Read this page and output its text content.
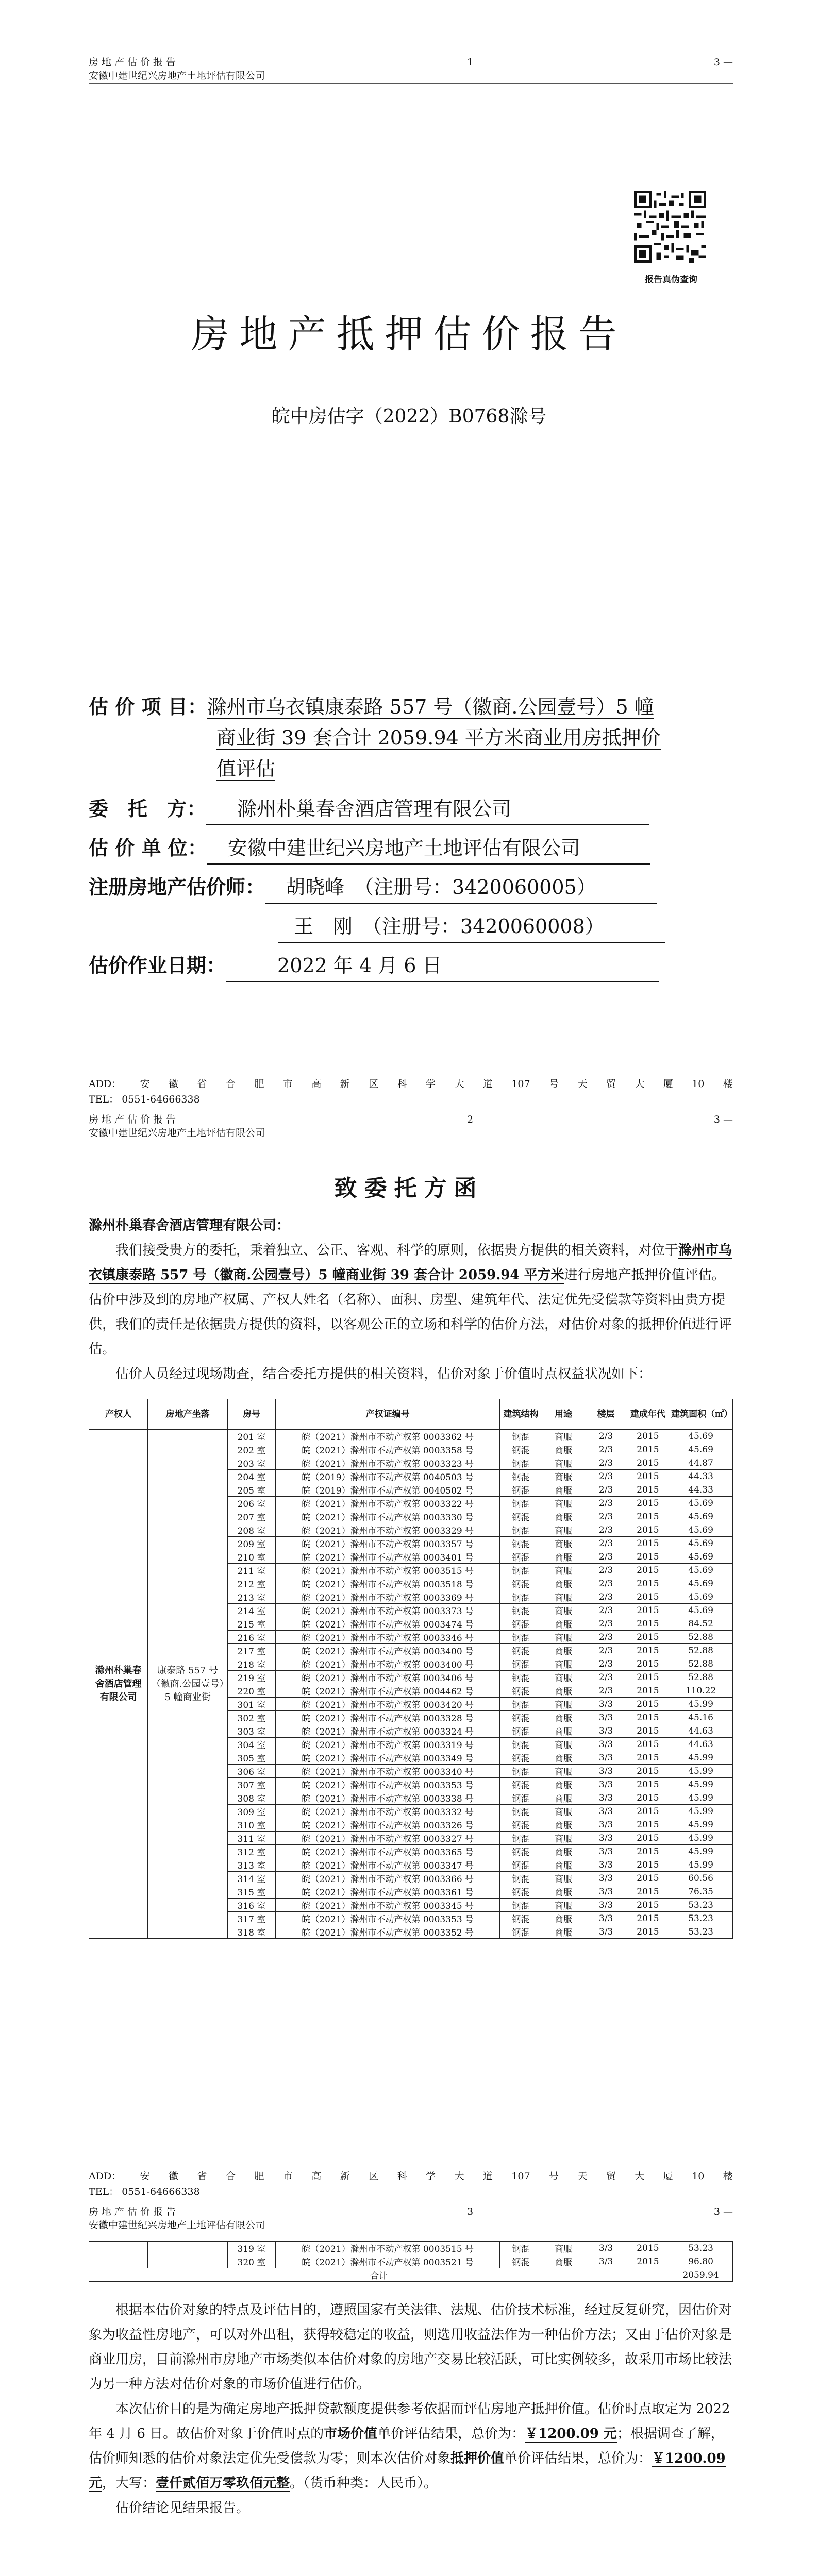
房地产估价报告
安徽中建世纪兴房地产土地评估有限公司
1	3 —
报告真伪查询
房地产抵押估价报告
皖中房估字（2022）B0768滁号
估 价 项 目：滁州市乌衣镇康泰路 557 号（徽商.公园壹号）5 幢
商业街 39 套合计 2059.94 平方米商业用房抵押价
值评估
委　托　方： 滁州朴巢春舍酒店管理有限公司
估 价 单 位： 安徽中建世纪兴房地产土地评估有限公司
注册房地产估价师： 胡晓峰　（注册号：3420060005）
王　刚　（注册号：3420060008）
估价作业日期：	2022 年 4 月 6 日
ADD： 安 徽 省 合 肥 市 高 新 区 科 学 大 道 107 号 天 贸 大 厦 10 楼
TEL： 0551-64666338
房地产估价报告
安徽中建世纪兴房地产土地评估有限公司
2	3 —
致委托方函
滁州朴巢春舍酒店管理有限公司：

我们接受贵方的委托，秉着独立、公正、客观、科学的原则，依据贵方提供的相关资料，对位于滁州市乌衣镇康泰路 557 号（徽商.公园壹号）5 幢商业街 39 套合计 2059.94 平方米进行房地产抵押价值评估。估价中涉及到的房地产权属、产权人姓名（名称）、面积、房型、建筑年代、法定优先受偿款等资料由贵方提供，我们的责任是依据贵方提供的资料，以客观公正的立场和科学的估价方法，对估价对象的抵押价值进行评估。

估价人员经过现场勘查，结合委托方提供的相关资料，估价对象于价值时点权益状况如下：

产权人	房地产坐落	房号	产权证编号	建筑结构	用途	楼层	建成年代	建筑面积（㎡）
滁州朴巢春舍酒店管理有限公司	康泰路 557 号（徽商.公园壹号）5 幢商业街	201 室	皖（2021）滁州市不动产权第 0003362 号	钢混	商服	2/3	2015	45.69
		202 室	皖（2021）滁州市不动产权第 0003358 号	钢混	商服	2/3	2015	45.69
		203 室	皖（2021）滁州市不动产权第 0003323 号	钢混	商服	2/3	2015	44.87
		204 室	皖（2019）滁州市不动产权第 0040503 号	钢混	商服	2/3	2015	44.33
		205 室	皖（2019）滁州市不动产权第 0040502 号	钢混	商服	2/3	2015	44.33
		206 室	皖（2021）滁州市不动产权第 0003322 号	钢混	商服	2/3	2015	45.69
		207 室	皖（2021）滁州市不动产权第 0003330 号	钢混	商服	2/3	2015	45.69
		208 室	皖（2021）滁州市不动产权第 0003329 号	钢混	商服	2/3	2015	45.69
		209 室	皖（2021）滁州市不动产权第 0003357 号	钢混	商服	2/3	2015	45.69
		210 室	皖（2021）滁州市不动产权第 0003401 号	钢混	商服	2/3	2015	45.69
		211 室	皖（2021）滁州市不动产权第 0003515 号	钢混	商服	2/3	2015	45.69
		212 室	皖（2021）滁州市不动产权第 0003518 号	钢混	商服	2/3	2015	45.69
		213 室	皖（2021）滁州市不动产权第 0003369 号	钢混	商服	2/3	2015	45.69
		214 室	皖（2021）滁州市不动产权第 0003373 号	钢混	商服	2/3	2015	45.69
		215 室	皖（2021）滁州市不动产权第 0003474 号	钢混	商服	2/3	2015	84.52
		216 室	皖（2021）滁州市不动产权第 0003346 号	钢混	商服	2/3	2015	52.88
		217 室	皖（2021）滁州市不动产权第 0003400 号	钢混	商服	2/3	2015	52.88
		218 室	皖（2021）滁州市不动产权第 0003400 号	钢混	商服	2/3	2015	52.88
		219 室	皖（2021）滁州市不动产权第 0003406 号	钢混	商服	2/3	2015	52.88
		220 室	皖（2021）滁州市不动产权第 0004462 号	钢混	商服	2/3	2015	110.22
		301 室	皖（2021）滁州市不动产权第 0003420 号	钢混	商服	3/3	2015	45.99
		302 室	皖（2021）滁州市不动产权第 0003328 号	钢混	商服	3/3	2015	45.16
		303 室	皖（2021）滁州市不动产权第 0003324 号	钢混	商服	3/3	2015	44.63
		304 室	皖（2021）滁州市不动产权第 0003319 号	钢混	商服	3/3	2015	44.63
		305 室	皖（2021）滁州市不动产权第 0003349 号	钢混	商服	3/3	2015	45.99
		306 室	皖（2021）滁州市不动产权第 0003340 号	钢混	商服	3/3	2015	45.99
		307 室	皖（2021）滁州市不动产权第 0003353 号	钢混	商服	3/3	2015	45.99
		308 室	皖（2021）滁州市不动产权第 0003338 号	钢混	商服	3/3	2015	45.99
		309 室	皖（2021）滁州市不动产权第 0003332 号	钢混	商服	3/3	2015	45.99
		310 室	皖（2021）滁州市不动产权第 0003326 号	钢混	商服	3/3	2015	45.99
		311 室	皖（2021）滁州市不动产权第 0003327 号	钢混	商服	3/3	2015	45.99
		312 室	皖（2021）滁州市不动产权第 0003365 号	钢混	商服	3/3	2015	45.99
		313 室	皖（2021）滁州市不动产权第 0003347 号	钢混	商服	3/3	2015	45.99
		314 室	皖（2021）滁州市不动产权第 0003366 号	钢混	商服	3/3	2015	60.56
		315 室	皖（2021）滁州市不动产权第 0003361 号	钢混	商服	3/3	2015	76.35
		316 室	皖（2021）滁州市不动产权第 0003345 号	钢混	商服	3/3	2015	53.23
		317 室	皖（2021）滁州市不动产权第 0003353 号	钢混	商服	3/3	2015	53.23
		318 室	皖（2021）滁州市不动产权第 0003352 号	钢混	商服	3/3	2015	53.23
ADD： 安 徽 省 合 肥 市 高 新 区 科 学 大 道 107 号 天 贸 大 厦 10 楼
TEL： 0551-64666338
房地产估价报告
安徽中建世纪兴房地产土地评估有限公司
3	3 —
		319 室	皖（2021）滁州市不动产权第 0003515 号	钢混	商服	3/3	2015	53.23
		320 室	皖（2021）滁州市不动产权第 0003521 号	钢混	商服	3/3	2015	96.80
合计								2059.94

根据本估价对象的特点及评估目的，遵照国家有关法律、法规、估价技术标准，经过反复研究，因估价对象为收益性房地产，可以对外出租，获得较稳定的收益，则选用收益法作为一种估价方法；又由于估价对象是商业用房，目前滁州市房地产市场类似本估价对象的房地产交易比较活跃，可比实例较多，故采用市场比较法为另一种方法对估价对象的市场价值进行估价。

本次估价目的是为确定房地产抵押贷款额度提供参考依据而评估房地产抵押价值。估价时点取定为 2022 年 4 月 6 日。故估价对象于价值时点的市场价值单价评估结果，总价为：￥1200.09 元；根据调查了解，估价师知悉的估价对象法定优先受偿款为零；则本次估价对象抵押价值单价评估结果，总价为：￥1200.09 元，大写：壹仟贰佰万零玖佰元整。（货币种类：人民币）。

估价结论见结果报告。
